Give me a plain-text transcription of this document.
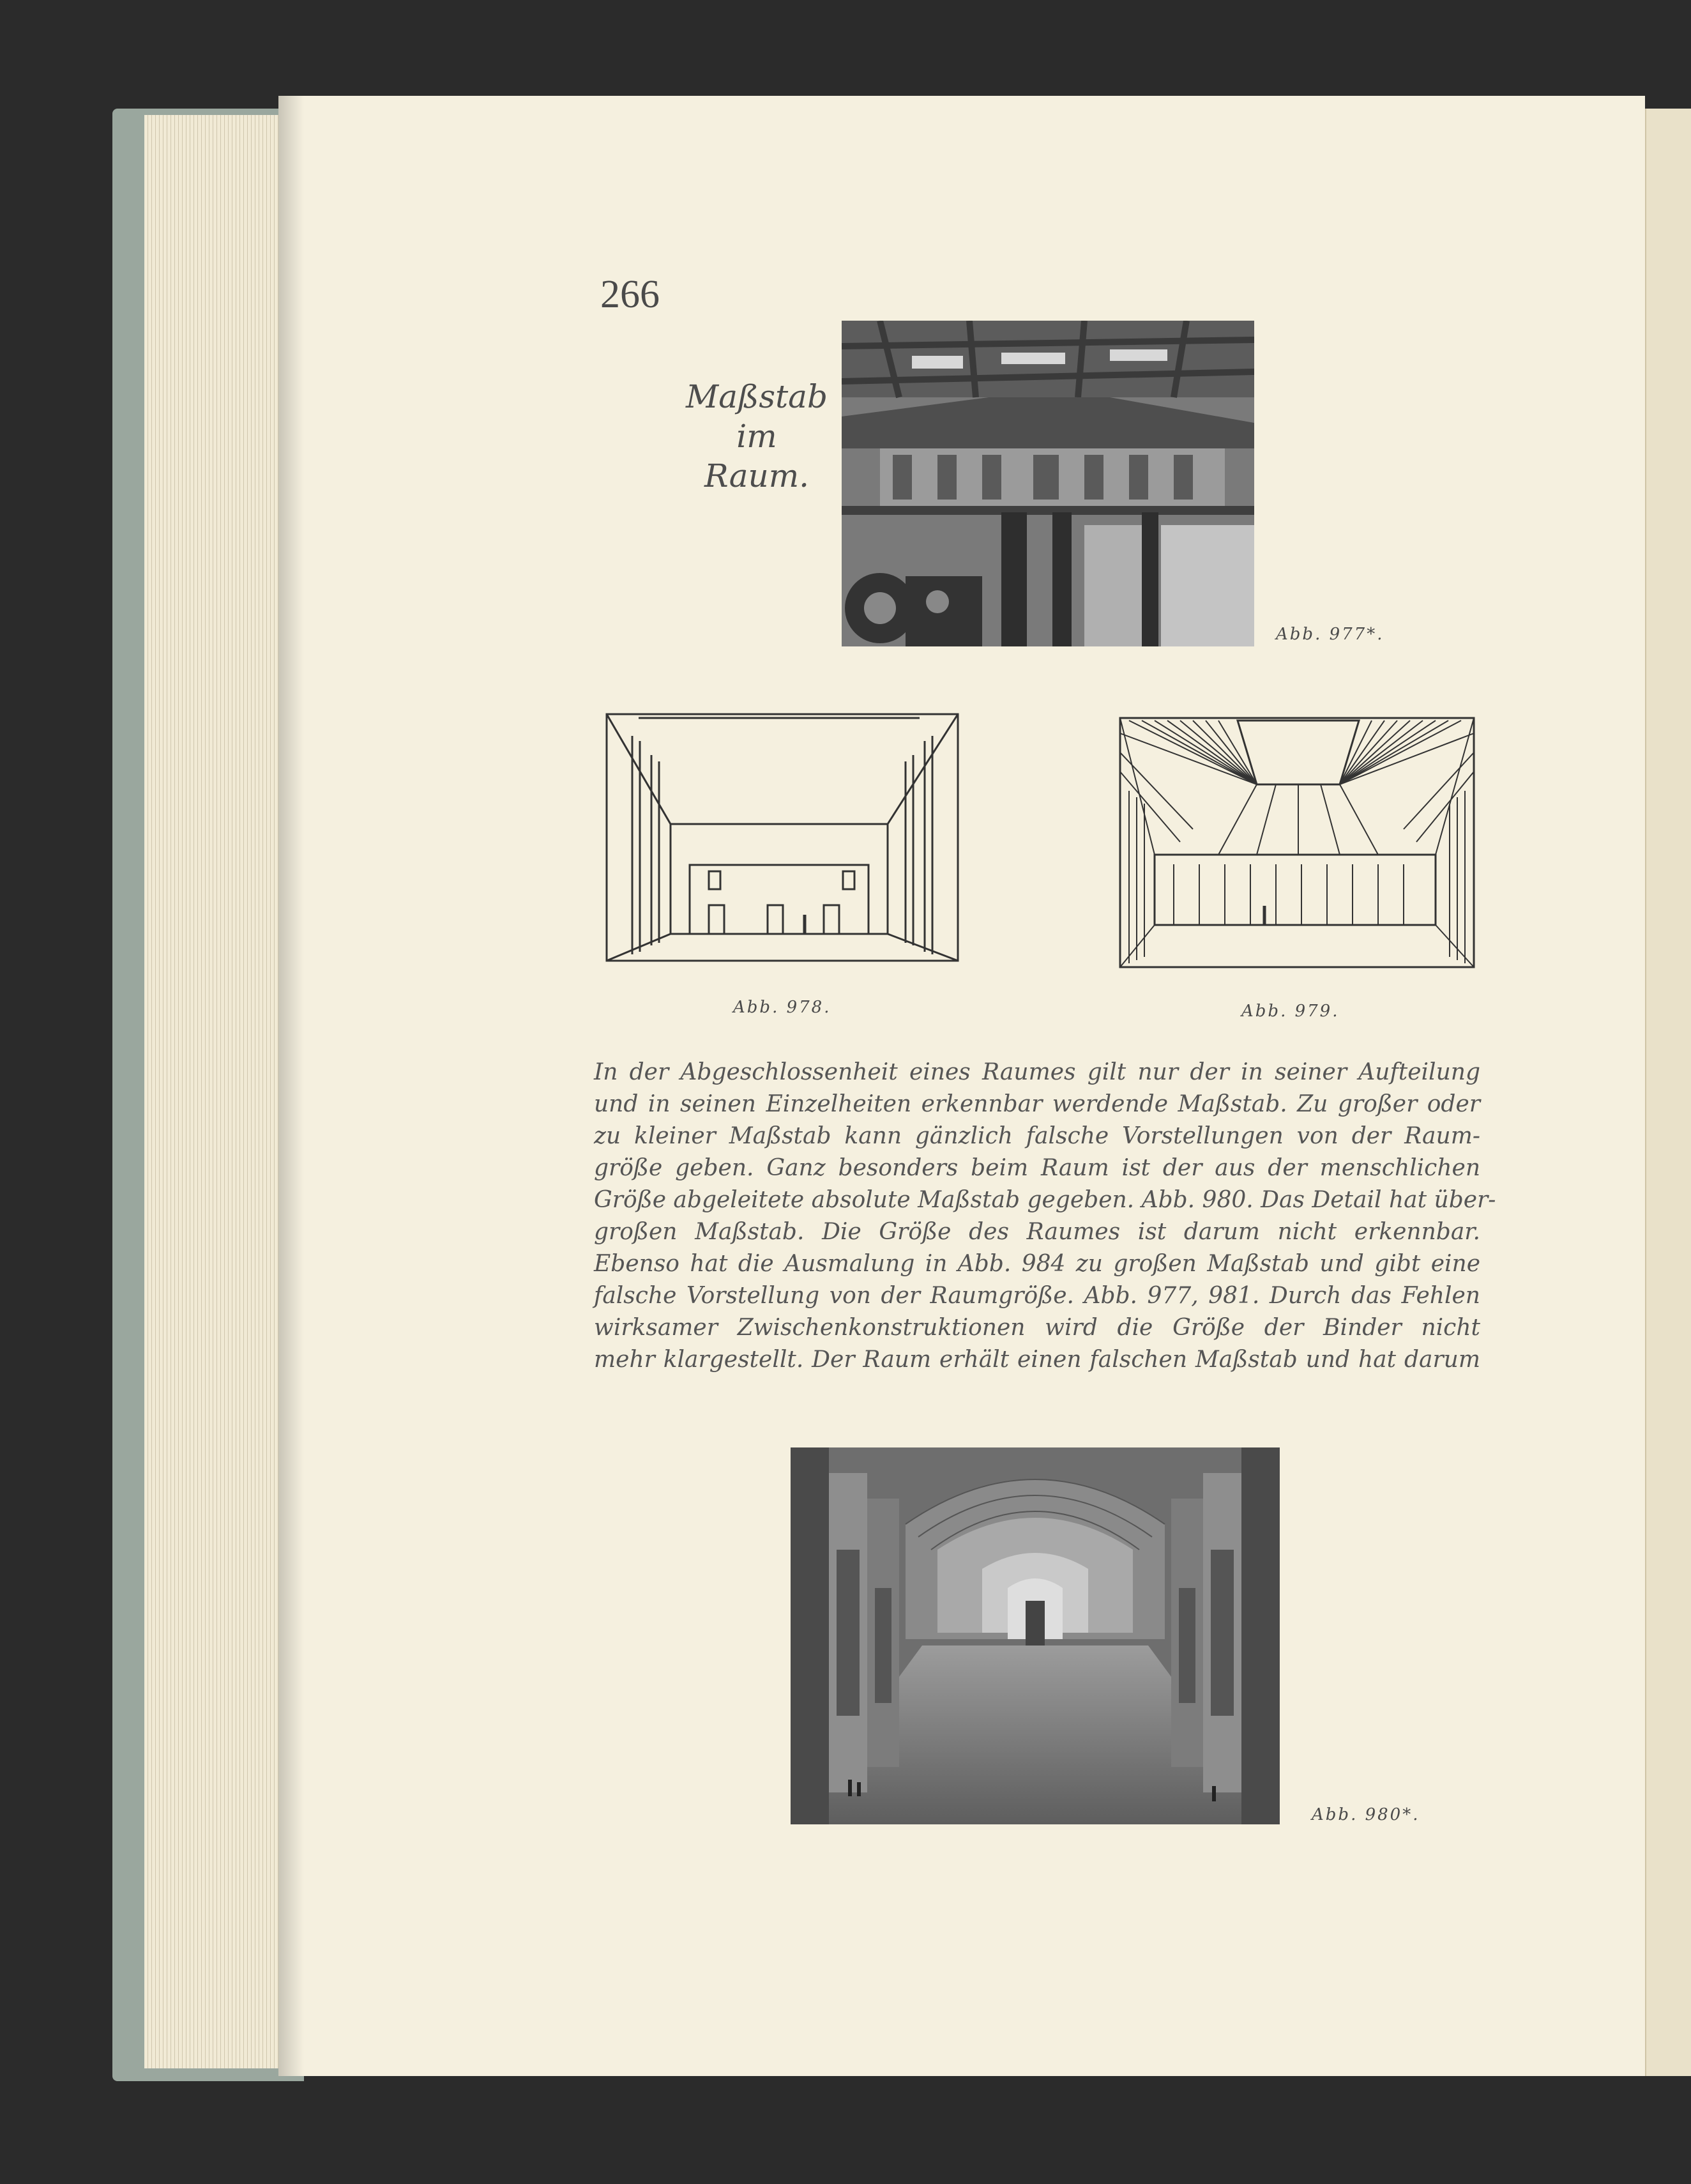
266
Maßstab
im
Raum.
Abb. 977*.
Abb. 978.	Abb. 979.
In der Abgeschlossenheit eines Raumes gilt nur der in seiner Aufteilung
und in seinen Einzelheiten erkennbar werdende Maßstab. Zu großer oder
zu kleiner Maßstab kann gänzlich falsche Vorstellungen von der Raum-
größe geben. Ganz besonders beim Raum ist der aus der menschlichen
Größe abgeleitete absolute Maßstab gegeben. Abb. 980. Das Detail hat über-
großen Maßstab. Die Größe des Raumes ist darum nicht erkennbar.
Ebenso hat die Ausmalung in Abb. 984 zu großen Maßstab und gibt eine
falsche Vorstellung von der Raumgröße. Abb. 977, 981. Durch das Fehlen
wirksamer Zwischenkonstruktionen wird die Größe der Binder nicht
mehr klargestellt. Der Raum erhält einen falschen Maßstab und hat darum
Abb. 980*.
